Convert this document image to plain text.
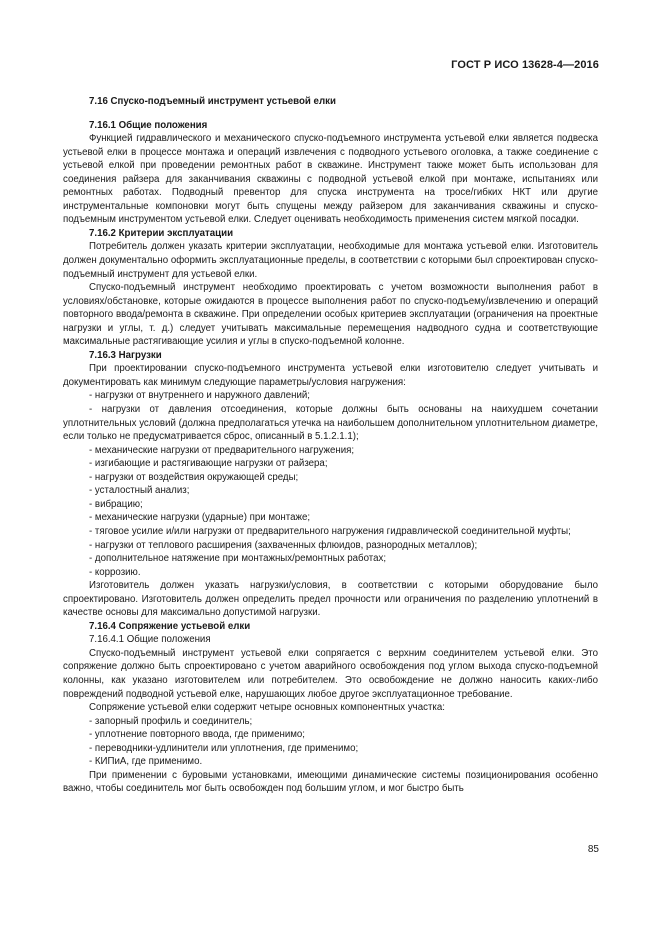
ГОСТ Р ИСО 13628-4—2016

7.16 Спуско-подъемный инструмент устьевой елки

7.16.1 Общие положения

Функцией гидравлического и механического спуско-подъемного инструмента устьевой елки является подвеска устьевой елки в процессе монтажа и операций извлечения с подводного устьевого оголовка, а также соединение с устьевой елкой при проведении ремонтных работ в скважине. Инструмент также может быть использован для соединения райзера для заканчивания скважины с подводной устьевой елкой при монтаже, испытаниях или ремонтных работах. Подводный превентор для спуска инструмента на тросе/гибких НКТ или другие инструментальные компоновки могут быть спущены между райзером для заканчивания скважины и спуско-подъемным инструментом устьевой елки. Следует оценивать необходимость применения систем мягкой посадки.

7.16.2 Критерии эксплуатации

Потребитель должен указать критерии эксплуатации, необходимые для монтажа устьевой елки. Изготовитель должен документально оформить эксплуатационные пределы, в соответствии с которыми был спроектирован спуско-подъемный инструмент для устьевой елки.

Спуско-подъемный инструмент необходимо проектировать с учетом возможности выполнения работ в условиях/обстановке, которые ожидаются в процессе выполнения работ по спуско-подъему/извлечению и операций повторного ввода/ремонта в скважине. При определении особых критериев эксплуатации (ограничения на проектные нагрузки и углы, т. д.) следует учитывать максимальные перемещения надводного судна и соответствующие максимальные растягивающие усилия и углы в спуско-подъемной колонне.

7.16.3 Нагрузки

При проектировании спуско-подъемного инструмента устьевой елки изготовителю следует учитывать и документировать как минимум следующие параметры/условия нагружения:

- нагрузки от внутреннего и наружного давлений;

- нагрузки от давления отсоединения, которые должны быть основаны на наихудшем сочетании уплотнительных условий (должна предполагаться утечка на наибольшем дополнительном уплотнительном диаметре, если только не предусматривается сброс, описанный в 5.1.2.1.1);

- механические нагрузки от предварительного нагружения;

- изгибающие и растягивающие нагрузки от райзера;

- нагрузки от воздействия окружающей среды;

- усталостный анализ;

- вибрацию;

- механические нагрузки (ударные) при монтаже;

- тяговое усилие и/или нагрузки от предварительного нагружения гидравлической соединительной муфты;

- нагрузки от теплового расширения (захваченных флюидов, разнородных металлов);

- дополнительное натяжение при монтажных/ремонтных работах;

- коррозию.

Изготовитель должен указать нагрузки/условия, в соответствии с которыми оборудование было спроектировано. Изготовитель должен определить предел прочности или ограничения по разделению уплотнений в качестве основы для максимально допустимой нагрузки.

7.16.4 Сопряжение устьевой елки

7.16.4.1 Общие положения

Спуско-подъемный инструмент устьевой елки сопрягается с верхним соединителем устьевой елки. Это сопряжение должно быть спроектировано с учетом аварийного освобождения под углом выхода спуско-подъемной колонны, как указано изготовителем или потребителем. Это освобождение не должно наносить каких-либо повреждений подводной устьевой елке, нарушающих любое другое эксплуатационное требование.

Сопряжение устьевой елки содержит четыре основных компонентных участка:

- запорный профиль и соединитель;

- уплотнение повторного ввода, где применимо;

- переводники-удлинители или уплотнения, где применимо;

- КИПиА, где применимо.

При применении с буровыми установками, имеющими динамические системы позиционирования особенно важно, чтобы соединитель мог быть освобожден под большим углом, и мог быстро быть

85
